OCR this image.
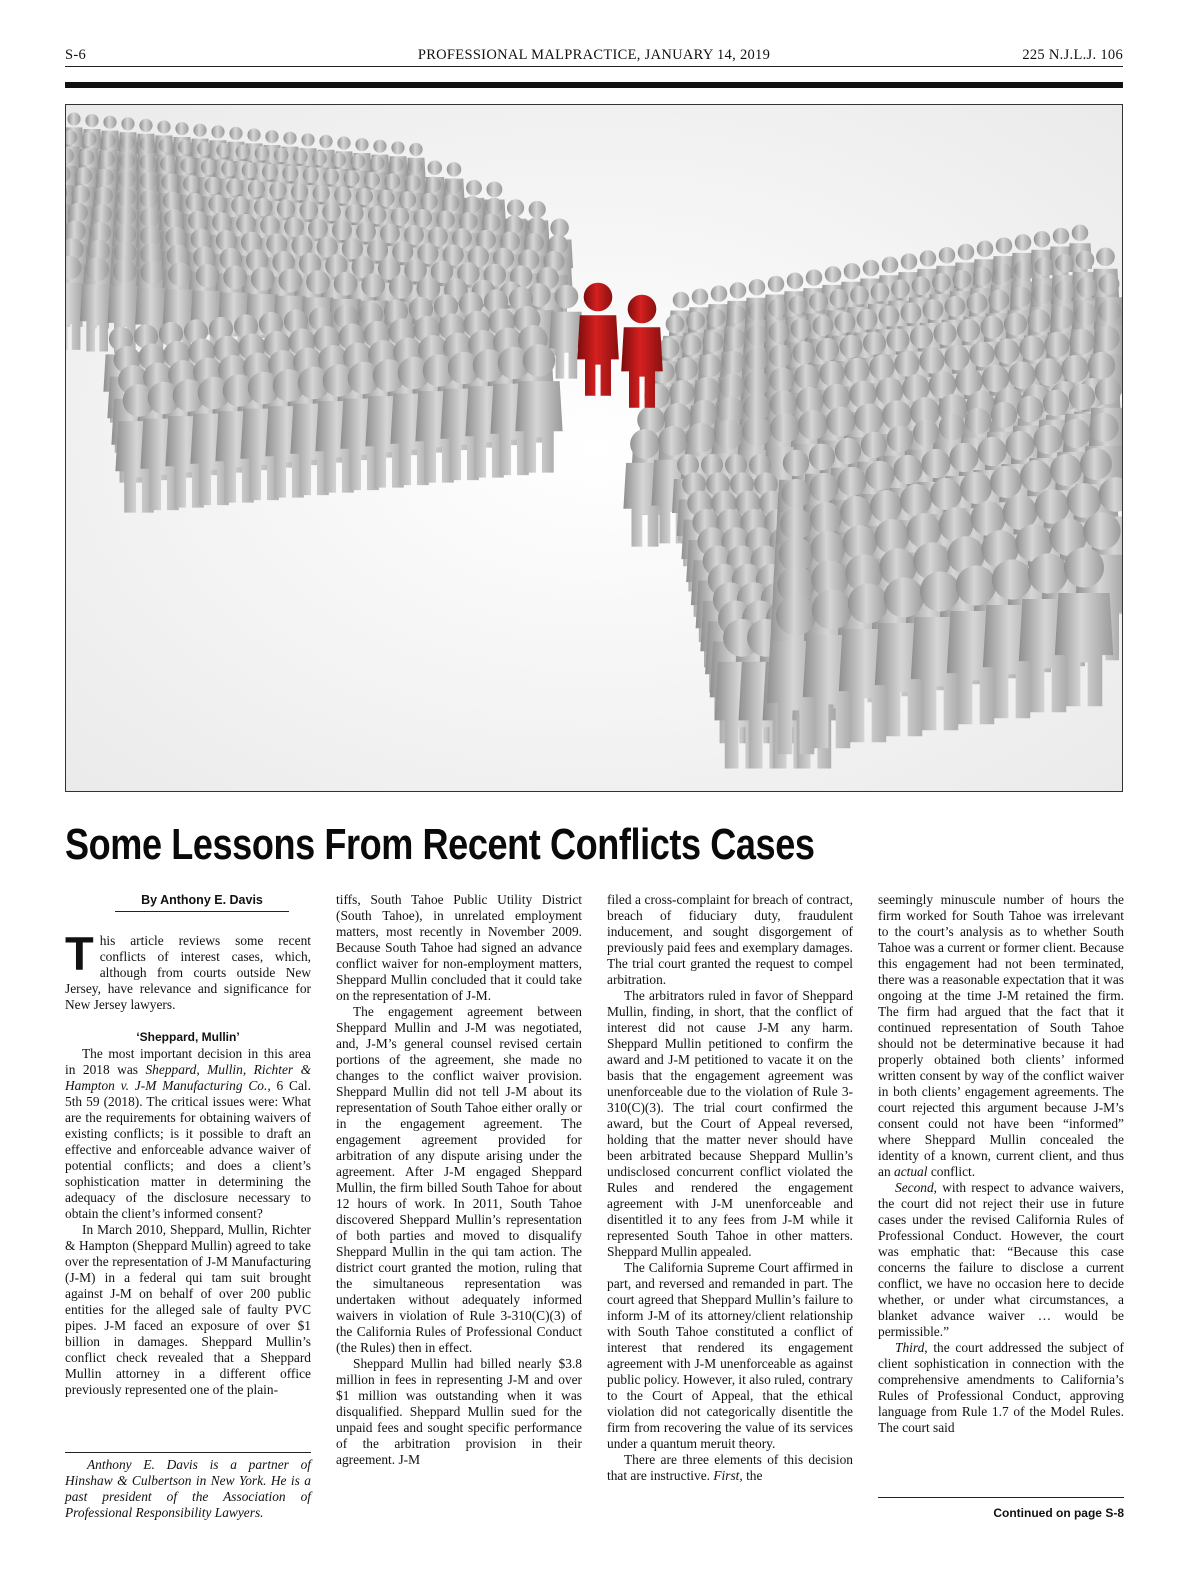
S-6	PROFESSIONAL MALPRACTICE, JANUARY 14, 2019	225 N.J.L.J. 106
Some Lessons From Recent Conflicts Cases
By Anthony E. Davis
This article reviews some recent conflicts of interest cases, which, although from courts outside New Jersey, have relevance and significance for New Jersey lawyers.
‘Sheppard, Mullin’

The most important decision in this area in 2018 was Sheppard, Mullin, Richter & Hampton v. J-M Manufacturing Co., 6 Cal. 5th 59 (2018). The critical issues were: What are the requirements for obtaining waivers of existing conflicts; is it possible to draft an effective and enforceable advance waiver of potential conflicts; and does a client’s sophistication matter in determining the adequacy of the disclosure necessary to obtain the client’s informed consent?

In March 2010, Sheppard, Mullin, Richter & Hampton (Sheppard Mullin) agreed to take over the representation of J-M Manufacturing (J-M) in a federal qui tam suit brought against J-M on behalf of over 200 public entities for the alleged sale of faulty PVC pipes. J-M faced an exposure of over $1 billion in damages. Sheppard Mullin’s conflict check revealed that a Sheppard Mullin attorney in a different office previously represented one of the plain-

Anthony E. Davis is a partner of Hinshaw & Culbertson in New York. He is a past president of the Association of Professional Responsibility Lawyers.

tiffs, South Tahoe Public Utility District (South Tahoe), in unrelated employment matters, most recently in November 2009. Because South Tahoe had signed an advance conflict waiver for non-employment matters, Sheppard Mullin concluded that it could take on the representation of J-M.

The engagement agreement between Sheppard Mullin and J-M was negotiated, and, J-M’s general counsel revised certain portions of the agreement, she made no changes to the conflict waiver provision. Sheppard Mullin did not tell J-M about its representation of South Tahoe either orally or in the engagement agreement. The engagement agreement provided for arbitration of any dispute arising under the agreement. After J-M engaged Sheppard Mullin, the firm billed South Tahoe for about 12 hours of work. In 2011, South Tahoe discovered Sheppard Mullin’s representation of both parties and moved to disqualify Sheppard Mullin in the qui tam action. The district court granted the motion, ruling that the simultaneous representation was undertaken without adequately informed waivers in violation of Rule 3-310(C)(3) of the California Rules of Professional Conduct (the Rules) then in effect.

Sheppard Mullin had billed nearly $3.8 million in fees in representing J-M and over $1 million was outstanding when it was disqualified. Sheppard Mullin sued for the unpaid fees and sought specific performance of the arbitration provision in their agreement. J-M

filed a cross-complaint for breach of contract, breach of fiduciary duty, fraudulent inducement, and sought disgorgement of previously paid fees and exemplary damages. The trial court granted the request to compel arbitration.

The arbitrators ruled in favor of Sheppard Mullin, finding, in short, that the conflict of interest did not cause J-M any harm. Sheppard Mullin petitioned to confirm the award and J-M petitioned to vacate it on the basis that the engagement agreement was unenforceable due to the violation of Rule 3-310(C)(3). The trial court confirmed the award, but the Court of Appeal reversed, holding that the matter never should have been arbitrated because Sheppard Mullin’s undisclosed concurrent conflict violated the Rules and rendered the engagement agreement with J-M unenforceable and disentitled it to any fees from J-M while it represented South Tahoe in other matters. Sheppard Mullin appealed.

The California Supreme Court affirmed in part, and reversed and remanded in part. The court agreed that Sheppard Mullin’s failure to inform J-M of its attorney/client relationship with South Tahoe constituted a conflict of interest that rendered its engagement agreement with J-M unenforceable as against public policy. However, it also ruled, contrary to the Court of Appeal, that the ethical violation did not categorically disentitle the firm from recovering the value of its services under a quantum meruit theory.

There are three elements of this decision that are instructive. First, the

seemingly minuscule number of hours the firm worked for South Tahoe was irrelevant to the court’s analysis as to whether South Tahoe was a current or former client. Because this engagement had not been terminated, there was a reasonable expectation that it was ongoing at the time J-M retained the firm. The firm had argued that the fact that it continued representation of South Tahoe should not be determinative because it had properly obtained both clients’ informed written consent by way of the conflict waiver in both clients’ engagement agreements. The court rejected this argument because J-M’s consent could not have been “informed” where Sheppard Mullin concealed the identity of a known, current client, and thus an actual conflict.

Second, with respect to advance waivers, the court did not reject their use in future cases under the revised California Rules of Professional Conduct. However, the court was emphatic that: “Because this case concerns the failure to disclose a current conflict, we have no occasion here to decide whether, or under what circumstances, a blanket advance waiver … would be permissible.”

Third, the court addressed the subject of client sophistication in connection with the comprehensive amendments to California’s Rules of Professional Conduct, approving language from Rule 1.7 of the Model Rules. The court said

Continued on page S-8
